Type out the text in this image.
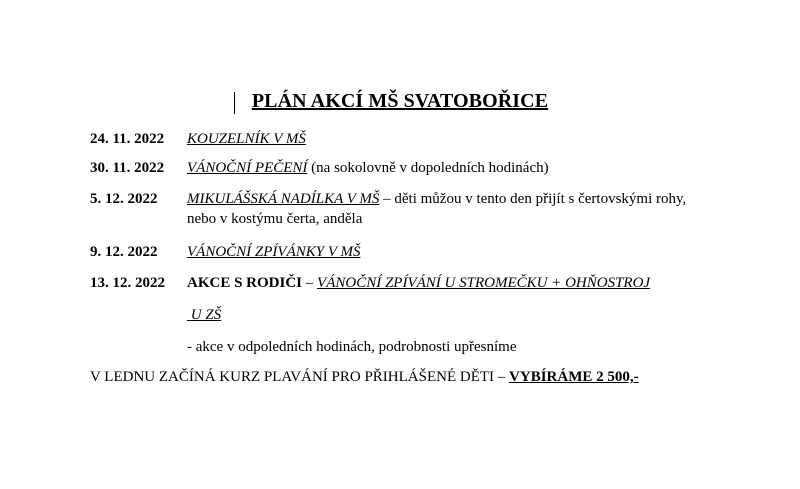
PLÁN AKCÍ MŠ SVATOBOŘICE
24. 11. 2022 KOUZELNÍK V MŠ
30. 11. 2022 VÁNOČNÍ PEČENÍ (na sokolovně v dopoledních hodinách)
5. 12. 2022 MIKULÁŠSKÁ NADÍLKA V MŠ – děti můžou v tento den přijít s čertovskými rohy, nebo v kostýmu čerta, anděla
9. 12. 2022 VÁNOČNÍ ZPÍVÁNKY V MŠ
13. 12. 2022 AKCE S RODIČI – VÁNOČNÍ ZPÍVÁNÍ U STROMEČKU + OHŇOSTROJ
U ZŠ
- akce v odpoledních hodinách, podrobnosti upřesníme
V LEDNU ZAČÍNÁ KURZ PLAVÁNÍ PRO PŘIHLÁŠENÉ DĚTI – VYBÍRÁME 2 500,-
